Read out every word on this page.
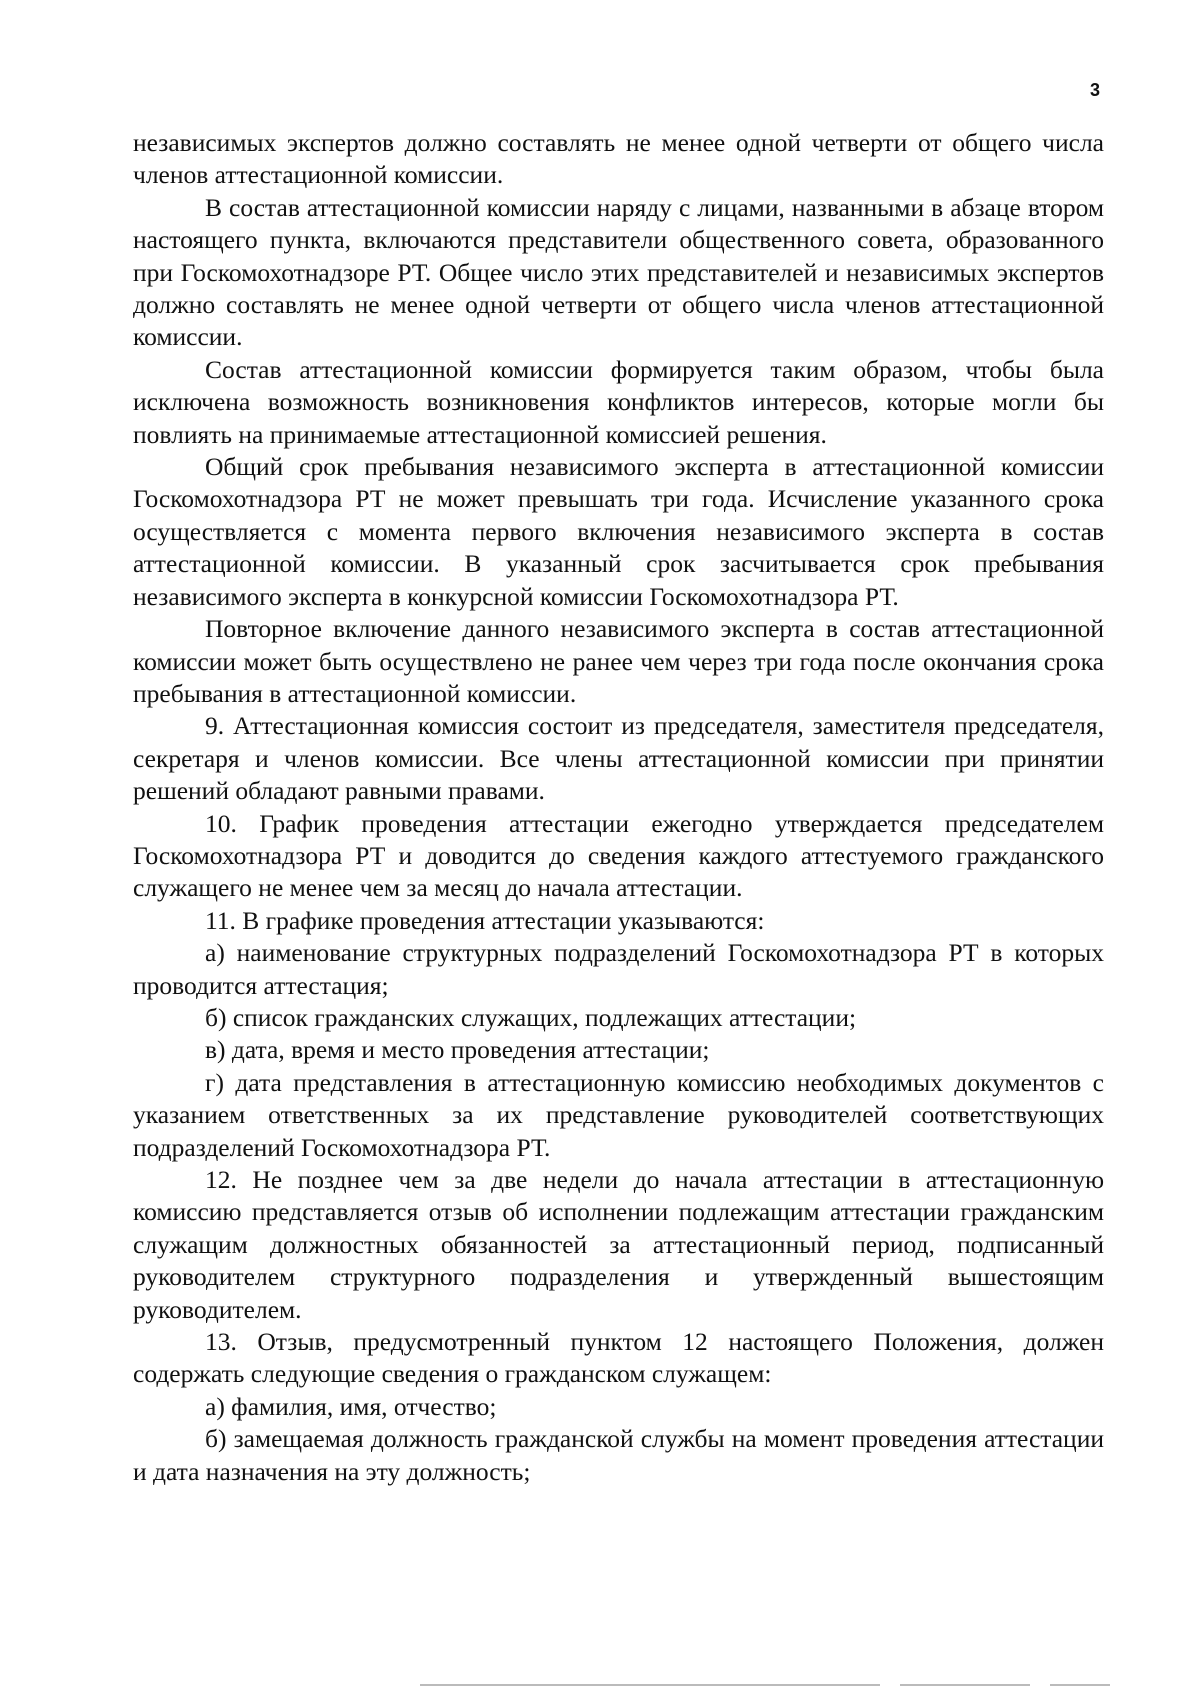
3

независимых экспертов должно составлять не менее одной четверти от общего числа членов аттестационной комиссии.

В состав аттестационной комиссии наряду с лицами, названными в абзаце втором настоящего пункта, включаются представители общественного совета, образованного при Госкомохотнадзоре РТ. Общее число этих представителей и независимых экспертов должно составлять не менее одной четверти от общего числа членов аттестационной комиссии.

Состав аттестационной комиссии формируется таким образом, чтобы была исключена возможность возникновения конфликтов интересов, которые могли бы повлиять на принимаемые аттестационной комиссией решения.

Общий срок пребывания независимого эксперта в аттестационной комиссии Госкомохотнадзора РТ не может превышать три года. Исчисление указанного срока осуществляется с момента первого включения независимого эксперта в состав аттестационной комиссии. В указанный срок засчитывается срок пребывания независимого эксперта в конкурсной комиссии Госкомохотнадзора РТ.

Повторное включение данного независимого эксперта в состав аттестационной комиссии может быть осуществлено не ранее чем через три года после окончания срока пребывания в аттестационной комиссии.

9. Аттестационная комиссия состоит из председателя, заместителя председателя, секретаря и членов комиссии. Все члены аттестационной комиссии при принятии решений обладают равными правами.

10. График проведения аттестации ежегодно утверждается председателем Госкомохотнадзора РТ и доводится до сведения каждого аттестуемого гражданского служащего не менее чем за месяц до начала аттестации.

11. В графике проведения аттестации указываются:

а) наименование структурных подразделений Госкомохотнадзора РТ в которых проводится аттестация;

б) список гражданских служащих, подлежащих аттестации;

в) дата, время и место проведения аттестации;

г) дата представления в аттестационную комиссию необходимых документов с указанием ответственных за их представление руководителей соответствующих подразделений Госкомохотнадзора РТ.

12. Не позднее чем за две недели до начала аттестации в аттестационную комиссию представляется отзыв об исполнении подлежащим аттестации гражданским служащим должностных обязанностей за аттестационный период, подписанный руководителем структурного подразделения и утвержденный вышестоящим руководителем.

13. Отзыв, предусмотренный пунктом 12 настоящего Положения, должен содержать следующие сведения о гражданском служащем:

а) фамилия, имя, отчество;

б) замещаемая должность гражданской службы на момент проведения аттестации и дата назначения на эту должность;
